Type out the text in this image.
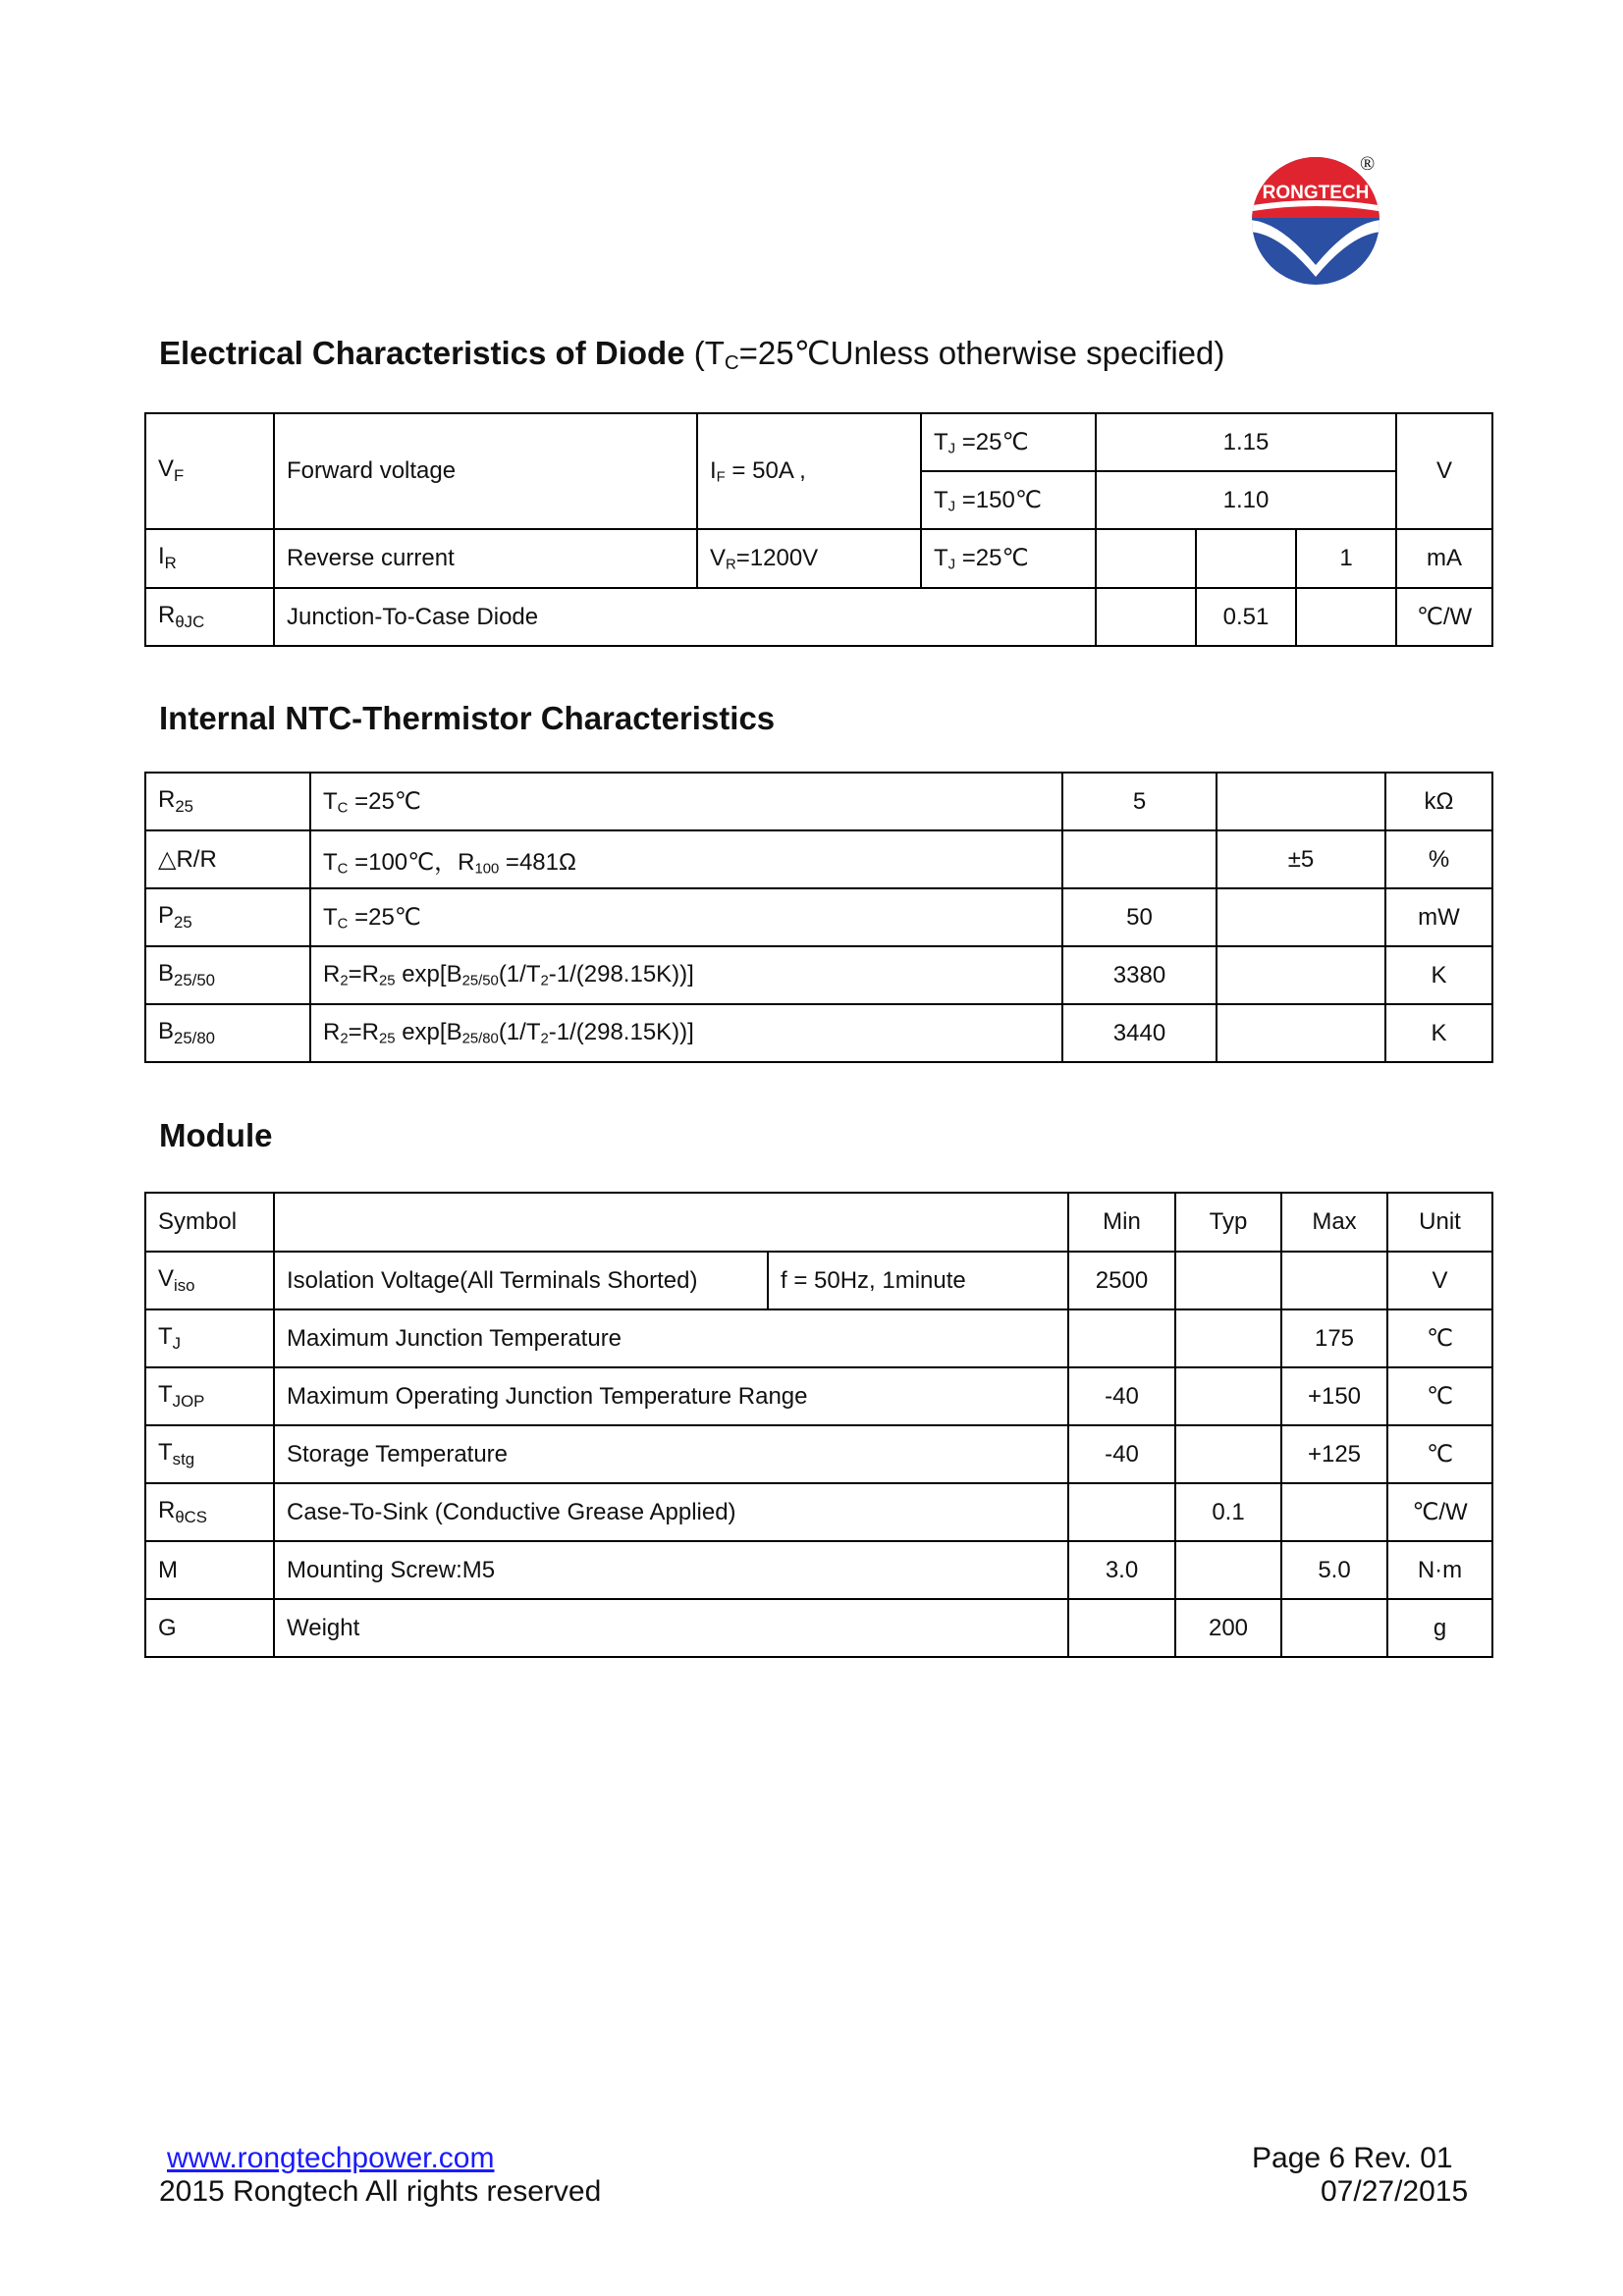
RONGTECH
®
Electrical Characteristics of Diode ($T_C=25℃Unless$ otherwise specified)
$V_F$	Forward voltage	$I_F = 50A$ ,	$T_J$ =25℃	1.15			V
			$T_J$ =150℃	1.10			
$I_R$	Reverse current	$V_R=1200V$	$T_J$ =25℃			1	mA
$R_{\theta JC}$	Junction-To-Case Diode				0.51		℃/W
Internal NTC-Thermistor Characteristics
$R_{25}$	$T_C$ =25℃	5		kΩ
△R/R	$T_C$ =100℃，$R_{100} =481\Omega$		±5	%
$P_{25}$	$T_C$ =25℃	50		mW
$B_{25/50}$	$R_2=R_{25}$ $\exp[B_{25/50}(1/T_2-1/(298.15K))]$	3380		K
$B_{25/80}$	$R_2=R_{25}$ $\exp[B_{25/80}(1/T_2-1/(298.15K))]$	3440		K
Module
Symbol			Min	Typ	Max	Unit
$V_{iso}$	Isolation Voltage(All Terminals Shorted)	f = 50Hz, 1minute	2500			V
$T_J$	Maximum Junction Temperature				175	℃
$T_{JOP}$	Maximum Operating Junction Temperature Range		-40		+150	℃
$T_{stg}$	Storage Temperature		-40		+125	℃
$R_{\theta CS}$	Case-To-Sink (Conductive Grease Applied)			0.1		℃/W
M	Mounting Screw:M5		3.0		5.0	N·m
G	Weight			200		g
www.rongtechpower.com
2015 Rongtech All rights reserved
Page 6 Rev. 01
07/27/2015
